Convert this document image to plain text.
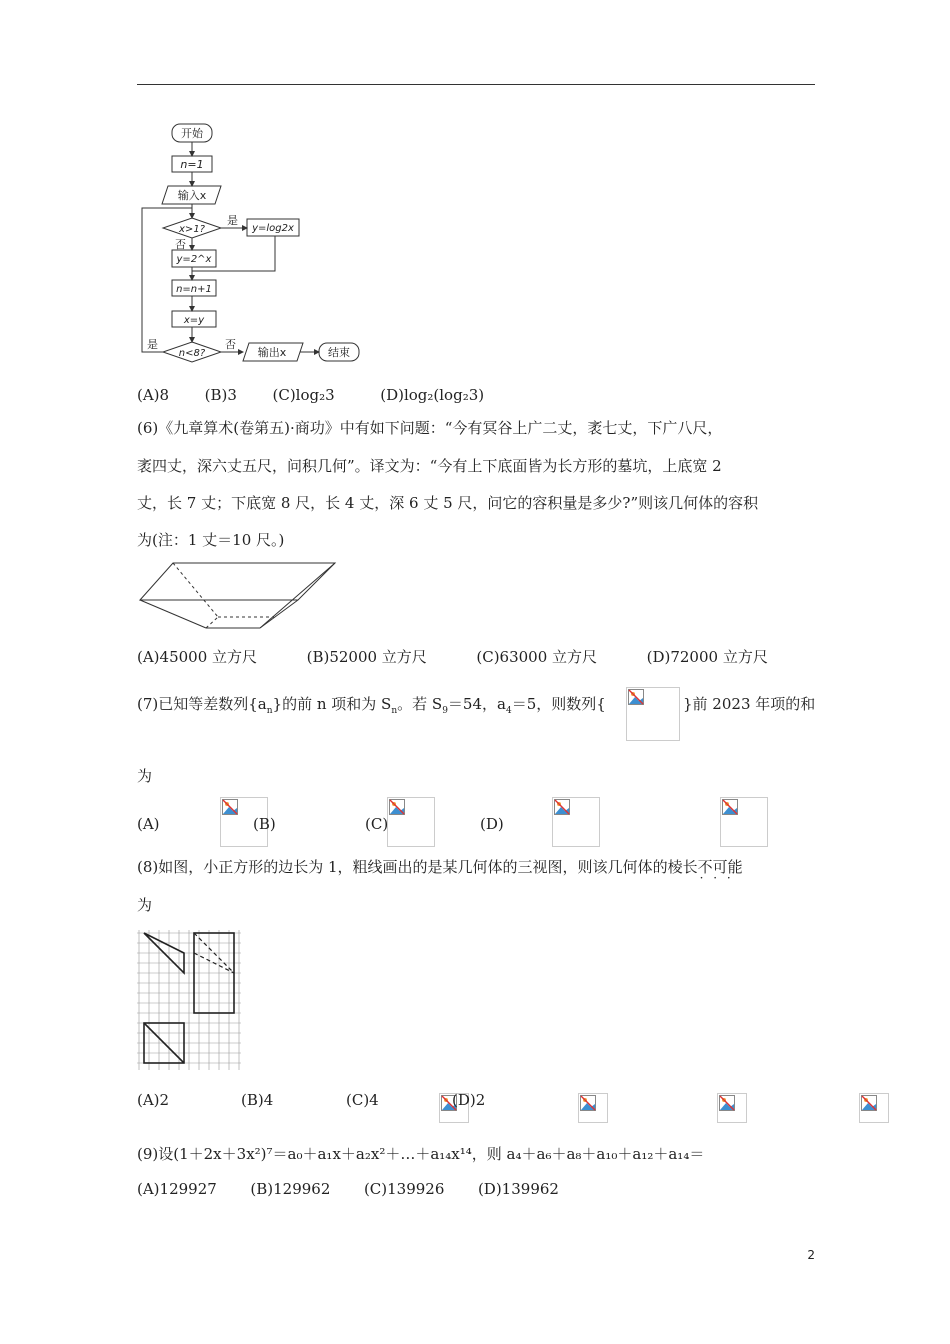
开始
n=1
输入x
x>1?
是
否
y=log2x
y=2^x
n=n+1
x=y
n<8?
是	否
输出x	结束
(A)8 (B)3 (C)log₂3	(D)log₂(log₂3)
(6)《九章算术(卷第五)·商功》中有如下问题：“今有冥谷上广二丈，袤七丈，下广八尺，
袤四丈，深六丈五尺，问积几何”。译文为：“今有上下底面皆为长方形的墓坑，上底宽 2
丈，长 7 丈；下底宽 8 尺，长 4 丈，深 6 丈 5 尺，问它的容积量是多少?”则该几何体的容积
为(注：1 丈＝10 尺。)
(A)45000 立方尺	(B)52000 立方尺	(C)63000 立方尺	(D)72000 立方尺
(7)已知等差数列$\{a_n\}$的前 n 项和为 $S_n$。若 $S_9=54$，$a_4=5$，则数列{
	}前 2023 年项的和
为
(A)
	(B)
	(C)
	(D)

(8)如图，小正方形的边长为 1，粗线画出的是某几何体的三视图，则该几何体的棱长不可能 · · ·
为
(A)2
	(B)4
	(C)4
	(D)2
(9)设(1＋2x＋3x²)⁷＝a₀＋a₁x＋a₂x²＋…＋a₁₄x¹⁴，则 a₄＋a₆＋a₈＋a₁₀＋a₁₂＋a₁₄＝
(A)129927 (B)129962 (C)139926 (D)139962
2
